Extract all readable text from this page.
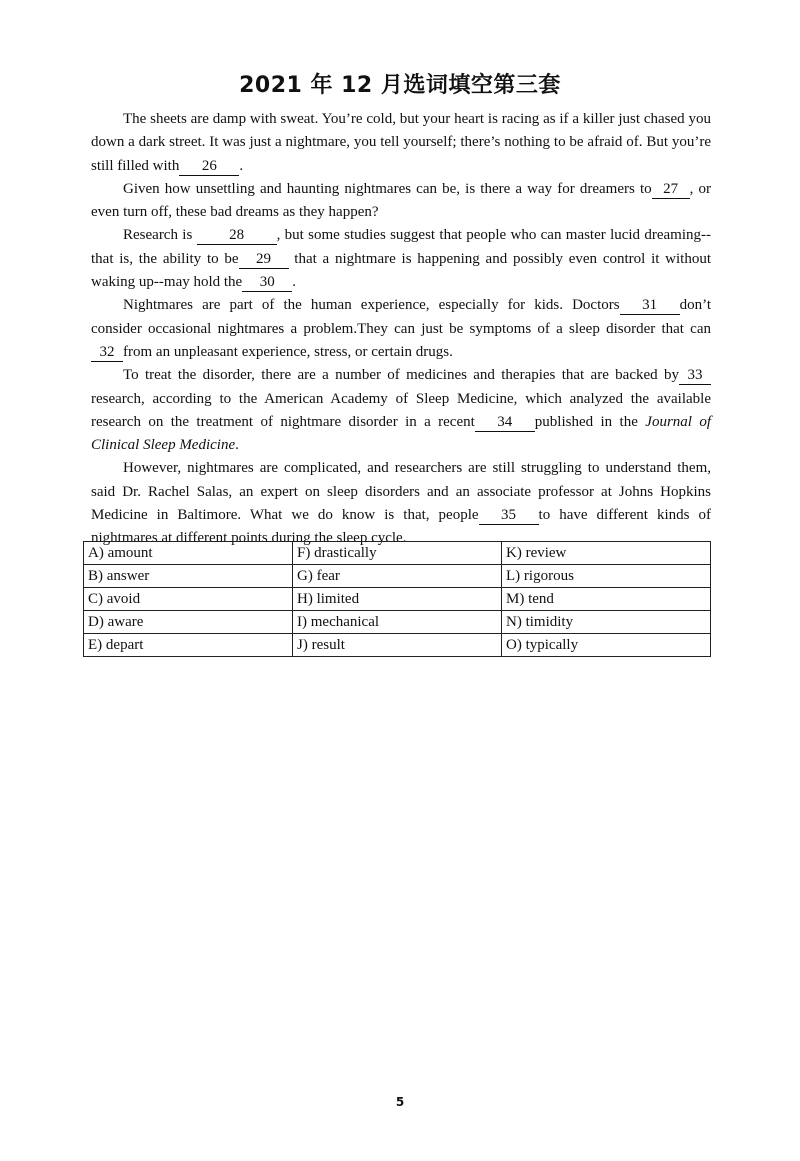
2021 年 12 月选词填空第三套

The sheets are damp with sweat. You’re cold, but your heart is racing as if a killer just chased you down a dark street. It was just a nightmare, you tell yourself; there’s nothing to be afraid of. But you’re still filled with 26 .

Given how unsettling and haunting nightmares can be, is there a way for dreamers to 27 , or even turn off, these bad dreams as they happen?

Research is 28 , but some studies suggest that people who can master lucid dreaming--that is, the ability to be 29 that a nightmare is happening and possibly even control it without waking up--may hold the 30 .

Nightmares are part of the human experience, especially for kids. Doctors 31 don’t consider occasional nightmares a problem.They can just be symptoms of a sleep disorder that can 32 from an unpleasant experience, stress, or certain drugs.

To treat the disorder, there are a number of medicines and therapies that are backed by 33 research, according to the American Academy of Sleep Medicine, which analyzed the available research on the treatment of nightmare disorder in a recent 34 published in the Journal of Clinical Sleep Medicine.

However, nightmares are complicated, and researchers are still struggling to understand them, said Dr. Rachel Salas, an expert on sleep disorders and an associate professor at Johns Hopkins Medicine in Baltimore. What we do know is that, people 35 to have different kinds of nightmares at different points during the sleep cycle.

A) amount	F) drastically	K) review
B) answer	G) fear	L) rigorous
C) avoid	H) limited	M) tend
D) aware	I) mechanical	N) timidity
E) depart	J) result	O) typically
5
